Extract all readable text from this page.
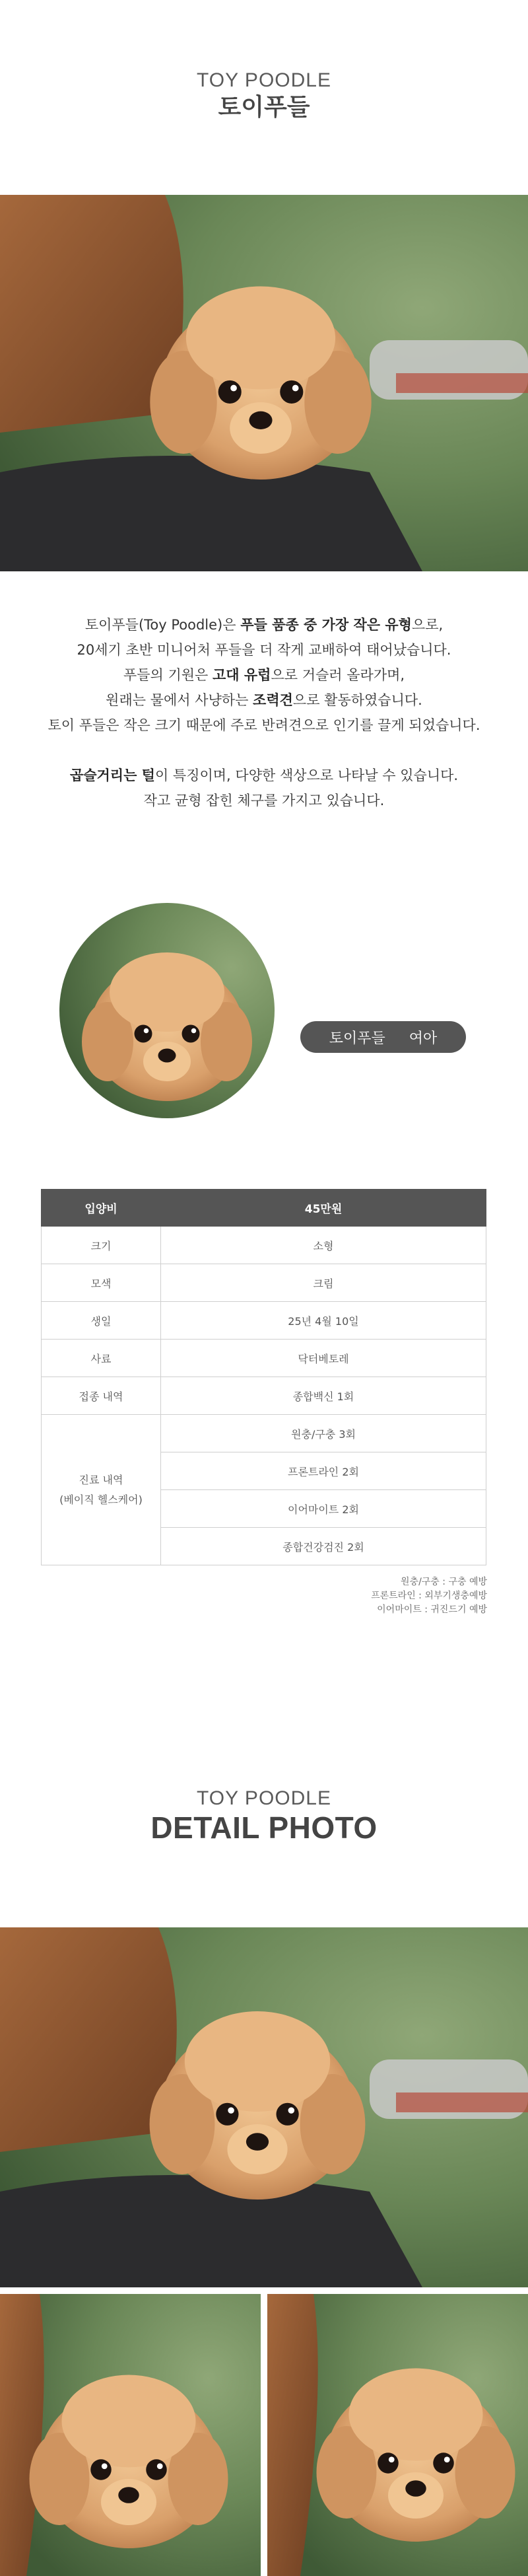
TOY POODLE
토이푸들

토이푸들(Toy Poodle)은 푸들 품종 중 가장 작은 유형으로,

20세기 초반 미니어처 푸들을 더 작게 교배하여 태어났습니다.

푸들의 기원은 고대 유럽으로 거슬러 올라가며,

원래는 물에서 사냥하는 조력견으로 활동하였습니다.

토이 푸들은 작은 크기 때문에 주로 반려견으로 인기를 끌게 되었습니다.

곱슬거리는 털이 특징이며, 다양한 색상으로 나타날 수 있습니다.

작고 균형 잡힌 체구를 가지고 있습니다.

토이푸들 여아
입양비	45만원
크기	소형
모색	크림
생일	25년 4월 10일
사료	닥터베토레
접종 내역	종합백신 1회
진료 내역
(베이직 헬스케어)	원충/구충 3회
	프론트라인 2회
	이어마이트 2회
	종합건강검진 2회
원충/구충 : 구충 예방
프론트라인 : 외부기생충예방
이어마이트 : 귀진드기 예방
TOY POODLE
DETAIL PHOTO
